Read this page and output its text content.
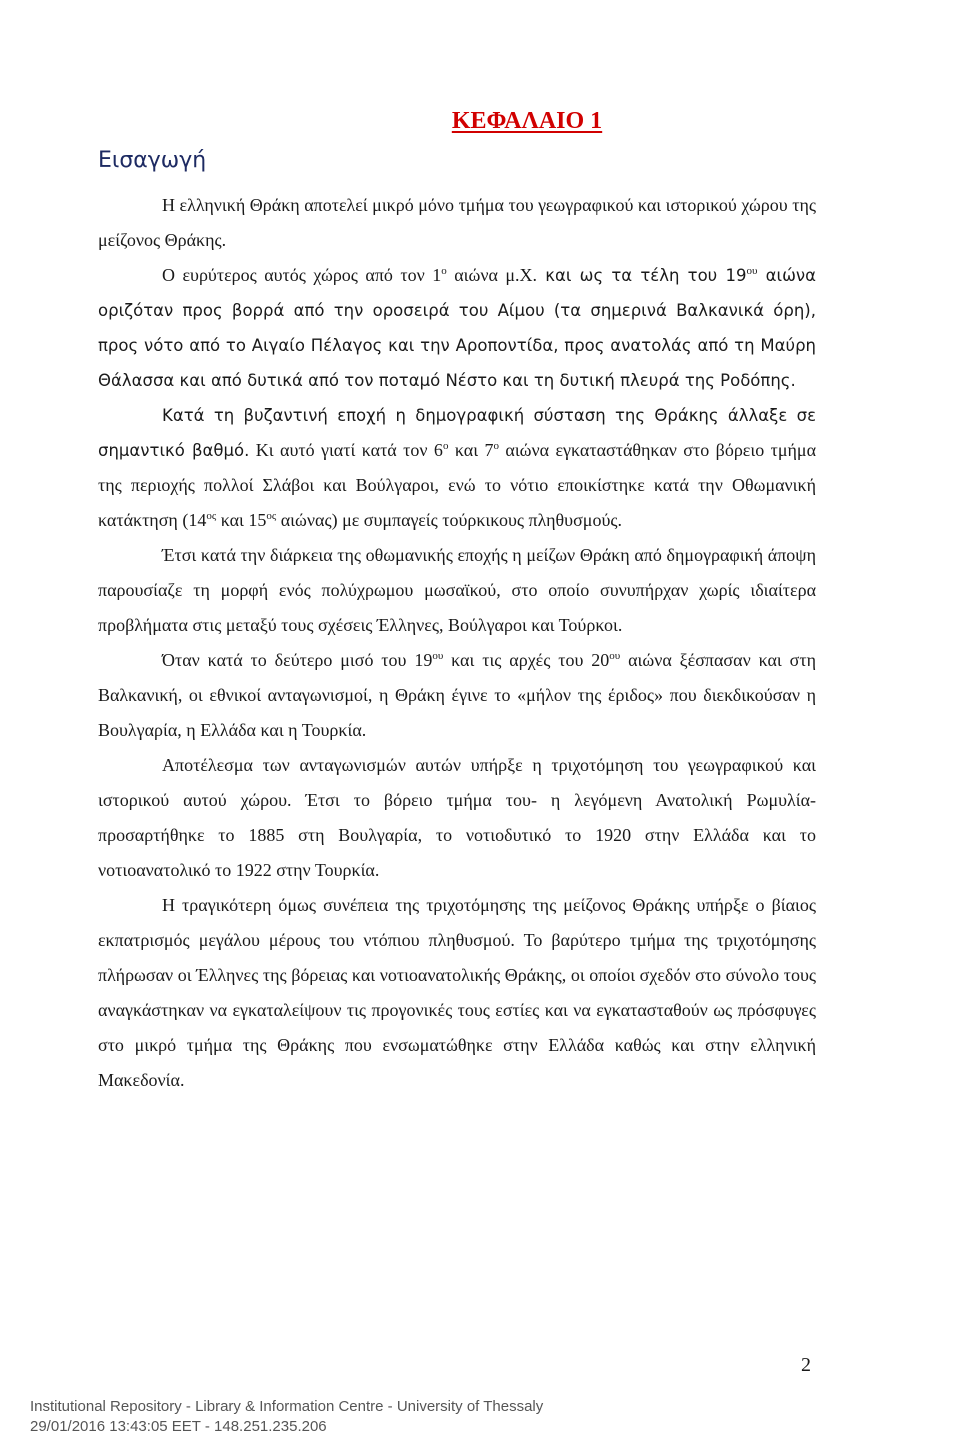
ΚΕΦΑΛΑΙΟ 1
Εισαγωγή

Η ελληνική Θράκη αποτελεί μικρό μόνο τμήμα του γεωγραφικού και ιστορικού χώρου της μείζονος Θράκης.

Ο ευρύτερος αυτός χώρος από τον $1^o$ αιώνα μ.Χ. και ως τα τέλη του $19^{o\upsilon}$ αιώνα οριζόταν προς βορρά από την οροσειρά του Αίμου (τα σημερινά Βαλκανικά όρη), προς νότο από το Αιγαίο Πέλαγος και την Αροποντίδα, προς ανατολάς από τη Μαύρη Θάλασσα και από δυτικά από τον ποταμό Νέστο και τη δυτική πλευρά της Ροδόπης.

Κατά τη βυζαντινή εποχή η δημογραφική σύσταση της Θράκης άλλαξε σε σημαντικό βαθμό. Κι αυτό γιατί κατά τον $6^o$ και $7^o$ αιώνα εγκαταστάθηκαν στο βόρειο τμήμα της περιοχής πολλοί Σλάβοι και Βούλγαροι, ενώ το νότιο εποικίστηκε κατά την Οθωμανική κατάκτηση ($14^{o\varsigma}$ και $15^{o\varsigma}$ αιώνας) με συμπαγείς τούρκικους πληθυσμούς.

Έτσι κατά την διάρκεια της οθωμανικής εποχής η μείζων Θράκη από δημογραφική άποψη παρουσίαζε τη μορφή ενός πολύχρωμου μωσαϊκού, στο οποίο συνυπήρχαν χωρίς ιδιαίτερα προβλήματα στις μεταξύ τους σχέσεις Έλληνες, Βούλγαροι και Τούρκοι.

Όταν κατά το δεύτερο μισό του $19^{o\upsilon}$ και τις αρχές του $20^{o\upsilon}$ αιώνα ξέσπασαν και στη Βαλκανική, οι εθνικοί ανταγωνισμοί, η Θράκη έγινε το «μήλον της έριδος» που διεκδικούσαν η Βουλγαρία, η Ελλάδα και η Τουρκία.

Αποτέλεσμα των ανταγωνισμών αυτών υπήρξε η τριχοτόμηση του γεωγραφικού και ιστορικού αυτού χώρου. Έτσι το βόρειο τμήμα του- η λεγόμενη Ανατολική Ρωμυλία- προσαρτήθηκε το 1885 στη Βουλγαρία, το νοτιοδυτικό το 1920 στην Ελλάδα και το νοτιοανατολικό το 1922 στην Τουρκία.

Η τραγικότερη όμως συνέπεια της τριχοτόμησης της μείζονος Θράκης υπήρξε ο βίαιος εκπατρισμός μεγάλου μέρους του ντόπιου πληθυσμού. Το βαρύτερο τμήμα της τριχοτόμησης πλήρωσαν οι Έλληνες της βόρειας και νοτιοανατολικής Θράκης, οι οποίοι σχεδόν στο σύνολο τους αναγκάστηκαν να εγκαταλείψουν τις προγονικές τους εστίες και να εγκατασταθούν ως πρόσφυγες στο μικρό τμήμα της Θράκης που ενσωματώθηκε στην Ελλάδα καθώς και στην ελληνική Μακεδονία.

2
Institutional Repository - Library & Information Centre - University of Thessaly
29/01/2016 13:43:05 EET - 148.251.235.206
